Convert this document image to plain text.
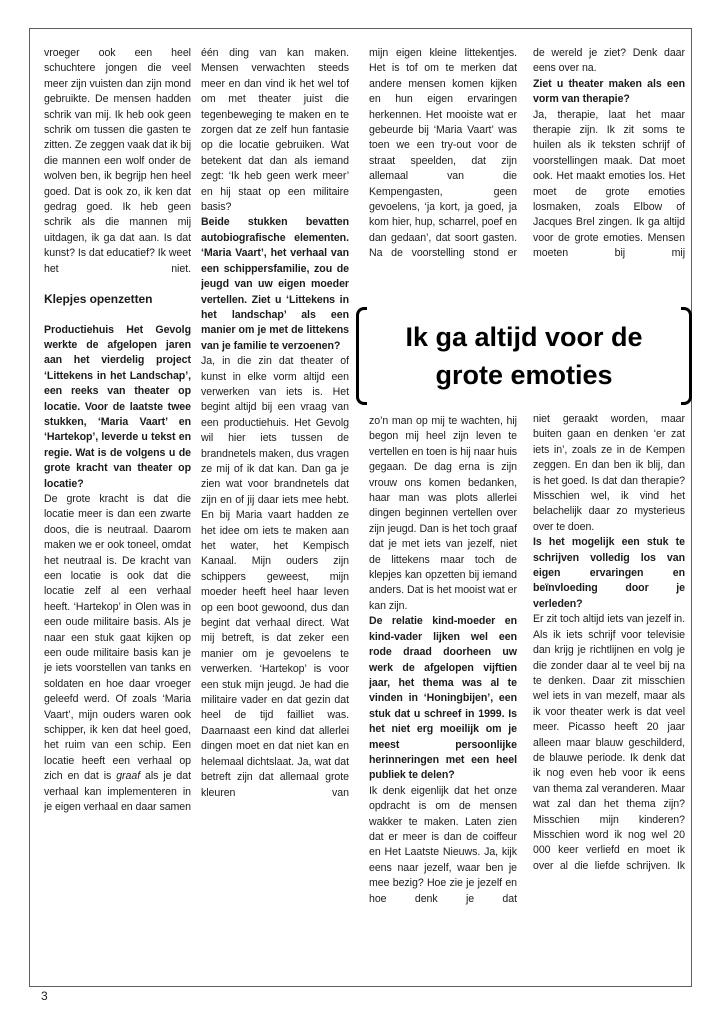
vroeger ook een heel schuchtere jongen die veel meer zijn vuisten dan zijn mond gebruikte. De mensen hadden schrik van mij. Ik heb ook geen schrik om tussen die gasten te zitten. Ze zeggen vaak dat ik bij die mannen een wolf onder de wolven ben, ik begrijp hen heel goed. Dat is ook zo, ik ken dat gedrag goed. Ik heb geen schrik als die mannen mij uitdagen, ik ga dat aan. Is dat kunst? Is dat educatief? Ik weet het niet.

Klepjes openzetten

Productiehuis Het Gevolg werkte de afgelopen jaren aan het vierdelig project ‘Littekens in het Landschap’, een reeks van theater op locatie. Voor de laatste twee stukken, ‘Maria Vaart’ en ‘Hartekop’, leverde u tekst en regie. Wat is de volgens u de grote kracht van theater op locatie?

De grote kracht is dat die locatie meer is dan een zwarte doos, die is neutraal. Daarom maken we er ook toneel, omdat het neutraal is. De kracht van een locatie is ook dat die locatie zelf al een verhaal heeft. ‘Hartekop’ in Olen was in een oude militaire basis. Als je naar een stuk gaat kijken op een oude militaire basis kan je je iets voorstellen van tanks en soldaten en hoe daar vroeger geleefd werd. Of zoals ‘Maria Vaart’, mijn ouders waren ook schipper, ik ken dat heel goed, het ruim van een schip. Een locatie heeft een verhaal op zich en dat is graaf als je dat verhaal kan implementeren in je eigen verhaal en daar samen

één ding van kan maken. Mensen verwachten steeds meer en dan vind ik het wel tof om met theater juist die tegenbeweging te maken en te zorgen dat ze zelf hun fantasie op die locatie gebruiken. Wat betekent dat dan als iemand zegt: ‘Ik heb geen werk meer’ en hij staat op een militaire basis?

Beide stukken bevatten autobiografische elementen. ‘Maria Vaart’, het verhaal van een schippersfamilie, zou de jeugd van uw eigen moeder vertellen. Ziet u ‘Littekens in het landschap’ als een manier om je met de littekens van je familie te verzoenen?

Ja, in die zin dat theater of kunst in elke vorm altijd een verwerken van iets is. Het begint altijd bij een vraag van een productiehuis. Het Gevolg wil hier iets tussen de brandnetels maken, dus vragen ze mij of ik dat kan. Dan ga je zien wat voor brandnetels dat zijn en of jij daar iets mee hebt. En bij Maria vaart hadden ze het idee om iets te maken aan het water, het Kempisch Kanaal. Mijn ouders zijn schippers geweest, mijn moeder heeft heel haar leven op een boot gewoond, dus dan begint dat verhaal direct. Wat mij betreft, is dat zeker een manier om je gevoelens te verwerken. ‘Hartekop’ is voor een stuk mijn jeugd. Je had die militaire vader en dat gezin dat heel de tijd failliet was. Daarnaast een kind dat allerlei dingen moet en dat niet kan en helemaal dichtslaat. Ja, wat dat betreft zijn dat allemaal grote kleuren van

mijn eigen kleine littekentjes. Het is tof om te merken dat andere mensen komen kijken en hun eigen ervaringen herkennen. Het mooiste wat er gebeurde bij ‘Maria Vaart’ was toen we een try-out voor de straat speelden, dat zijn allemaal van die Kempengasten, geen gevoelens, ‘ja kort, ja goed, ja kom hier, hup, scharrel, poef en dan gedaan’, dat soort gasten. Na de voorstelling stond er

Ik ga altijd voor de
grote emoties

zo’n man op mij te wachten, hij begon mij heel zijn leven te vertellen en toen is hij naar huis gegaan. De dag erna is zijn vrouw ons komen bedanken, haar man was plots allerlei dingen beginnen vertellen over zijn jeugd. Dan is het toch graaf dat je met iets van jezelf, niet de littekens maar toch de klepjes kan opzetten bij iemand anders. Dat is het mooist wat er kan zijn.

De relatie kind-moeder en kind-vader lijken wel een rode draad doorheen uw werk de afgelopen vijftien jaar, het thema was al te vinden in ‘Honingbijen’, een stuk dat u schreef in 1999. Is het niet erg moeilijk om je meest persoonlijke herinneringen met een heel publiek te delen?

Ik denk eigenlijk dat het onze opdracht is om de mensen wakker te maken. Laten zien dat er meer is dan de coiffeur en Het Laatste Nieuws. Ja, kijk eens naar jezelf, waar ben je mee bezig? Hoe zie je jezelf en hoe denk je dat

de wereld je ziet? Denk daar eens over na.

Ziet u theater maken als een vorm van therapie?

Ja, therapie, laat het maar therapie zijn. Ik zit soms te huilen als ik teksten schrijf of voorstellingen maak. Dat moet ook. Het maakt emoties los. Het moet de grote emoties losmaken, zoals Elbow of Jacques Brel zingen. Ik ga altijd voor de grote emoties. Mensen moeten bij mij

niet geraakt worden, maar buiten gaan en denken ‘er zat iets in’, zoals ze in de Kempen zeggen. En dan ben ik blij, dan is het goed. Is dat dan therapie? Misschien wel, ik vind het belachelijk daar zo mysterieus over te doen.

Is het mogelijk een stuk te schrijven volledig los van eigen ervaringen en beïnvloeding door je verleden?

Er zit toch altijd iets van jezelf in. Als ik iets schrijf voor televisie dan krijg je richtlijnen en volg je die zonder daar al te veel bij na te denken. Daar zit misschien wel iets in van mezelf, maar als ik voor theater werk is dat veel meer. Picasso heeft 20 jaar alleen maar blauw geschilderd, de blauwe periode. Ik denk dat ik nog even heb voor ik eens van thema zal veranderen. Maar wat zal dan het thema zijn? Misschien mijn kinderen? Misschien word ik nog wel 20 000 keer verliefd en moet ik over al die liefde schrijven. Ik

3
